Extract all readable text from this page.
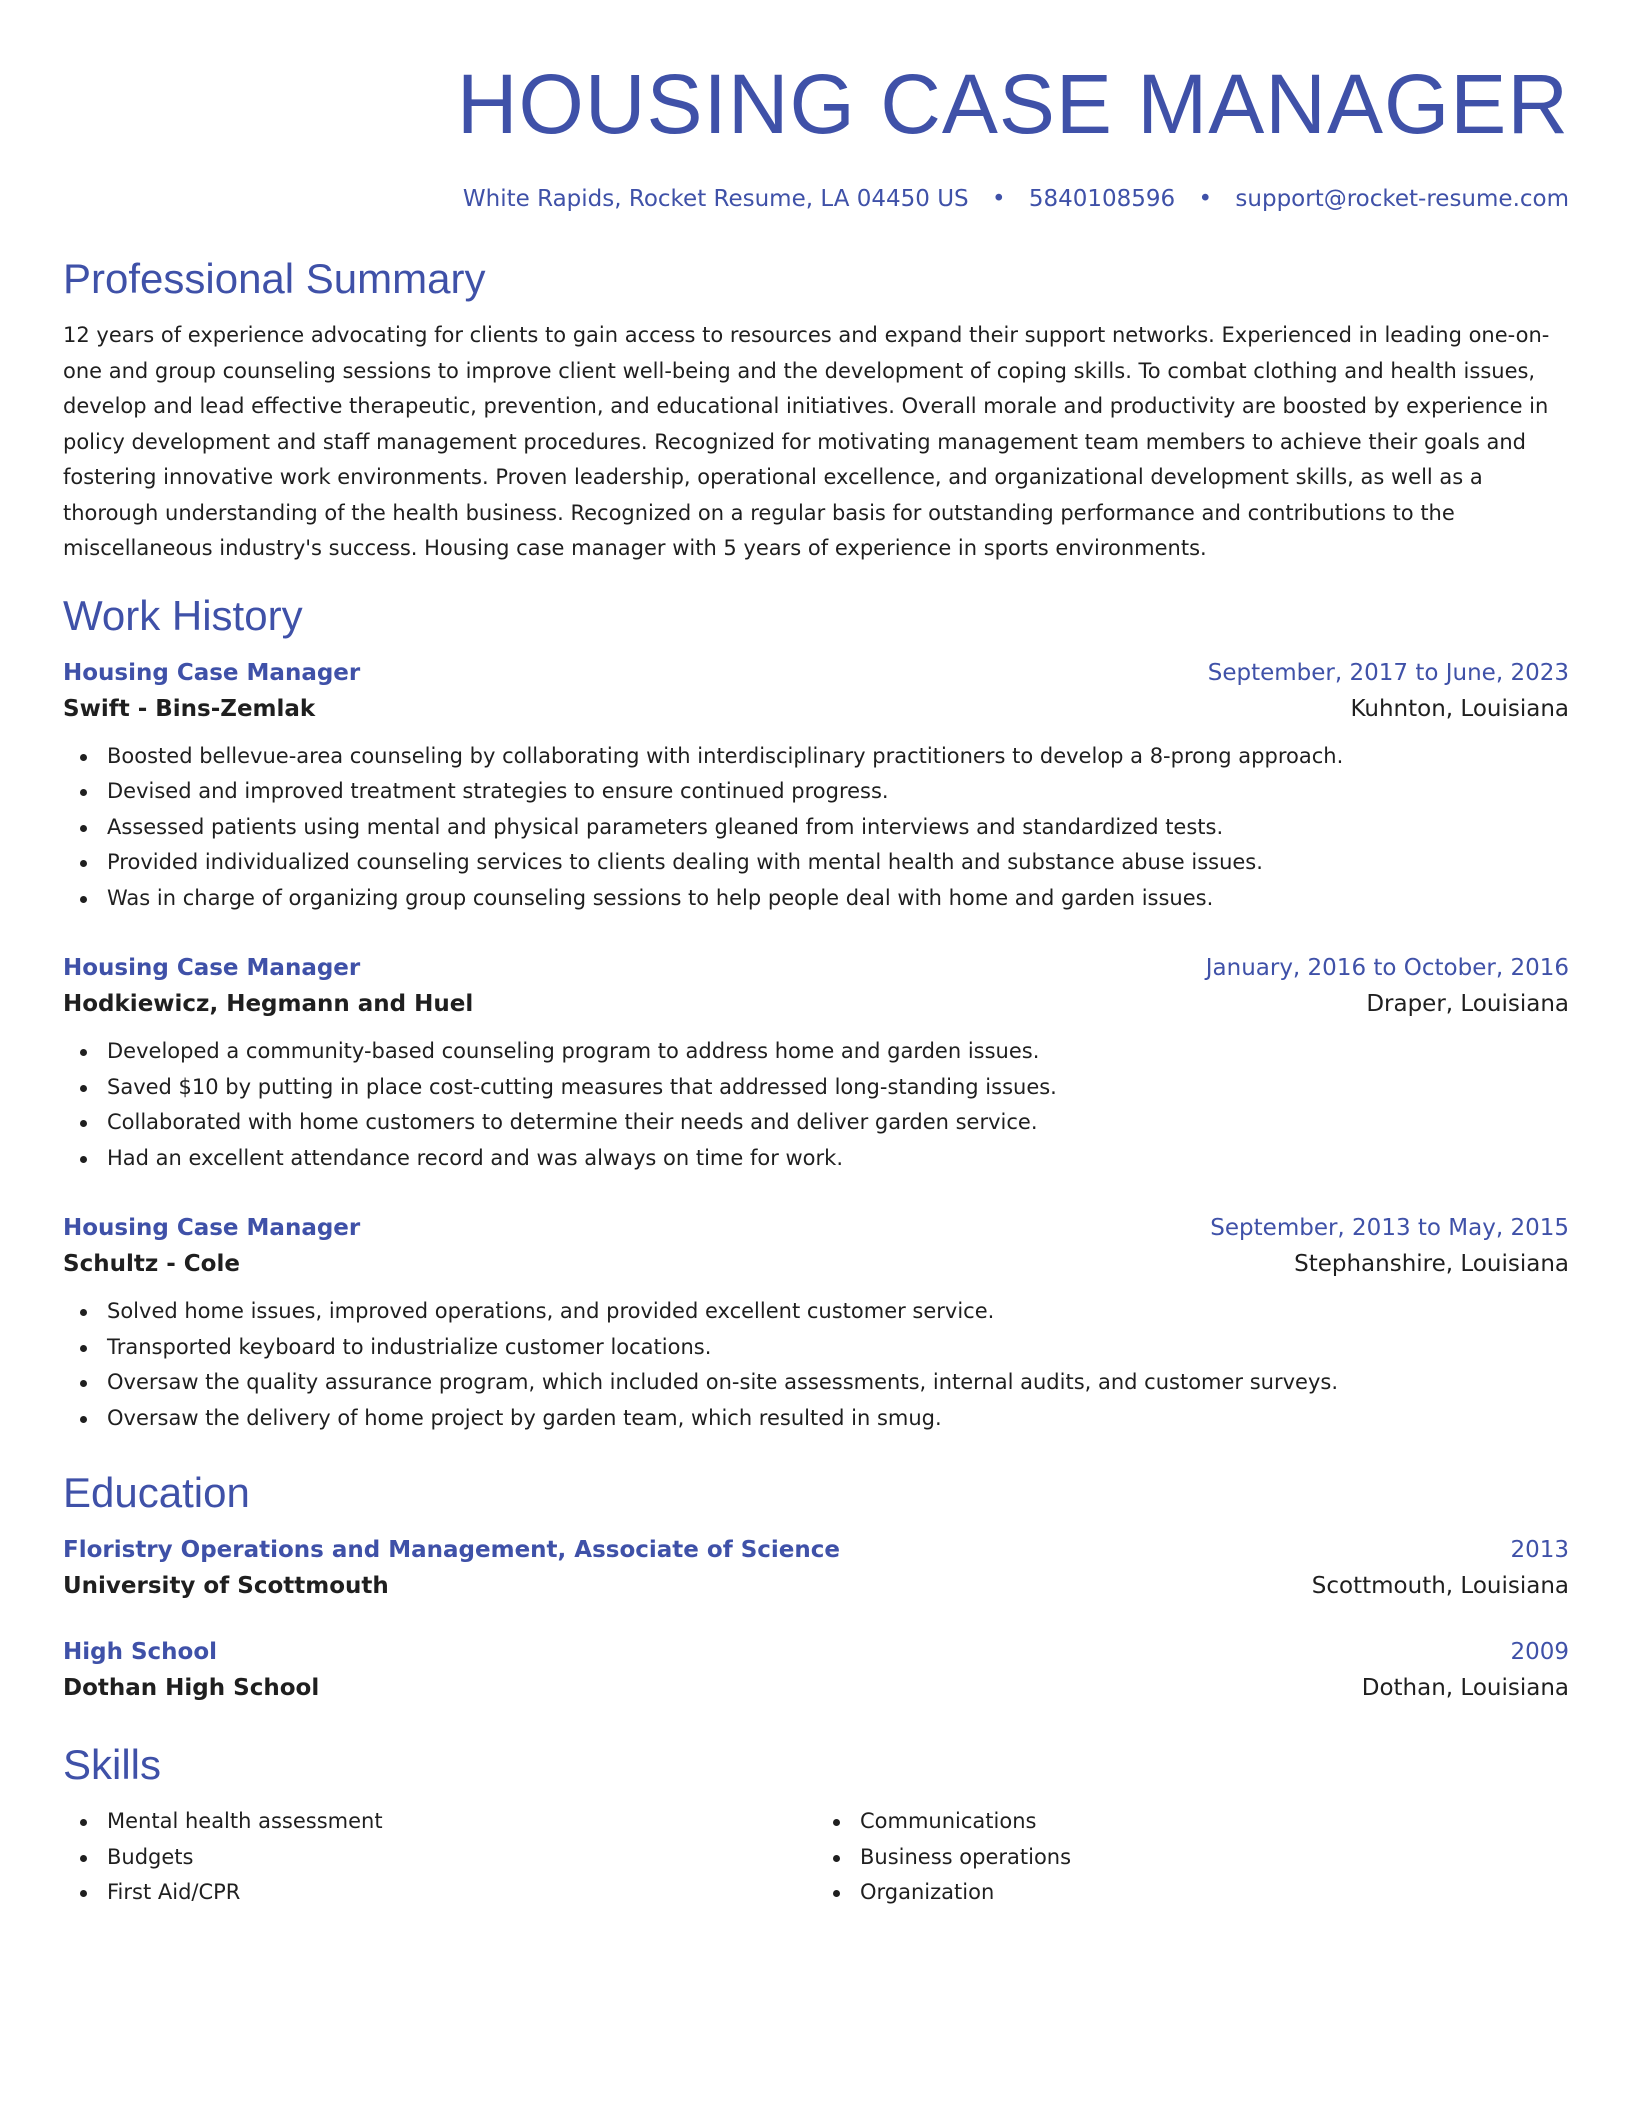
HOUSING CASE MANAGER
White Rapids, Rocket Resume, LA 04450 US • 5840108596 • support@rocket-resume.com
Professional Summary
12 years of experience advocating for clients to gain access to resources and expand their support networks. Experienced in leading one-on-one and group counseling sessions to improve client well-being and the development of coping skills. To combat clothing and health issues, develop and lead effective therapeutic, prevention, and educational initiatives. Overall morale and productivity are boosted by experience in policy development and staff management procedures. Recognized for motivating management team members to achieve their goals and fostering innovative work environments. Proven leadership, operational excellence, and organizational development skills, as well as a thorough understanding of the health business. Recognized on a regular basis for outstanding performance and contributions to the miscellaneous industry's success. Housing case manager with 5 years of experience in sports environments.
Work History
Housing Case Manager	September, 2017 to June, 2023
Swift - Bins-Zemlak	Kuhnton, Louisiana
Boosted bellevue-area counseling by collaborating with interdisciplinary practitioners to develop a 8-prong approach.
Devised and improved treatment strategies to ensure continued progress.
Assessed patients using mental and physical parameters gleaned from interviews and standardized tests.
Provided individualized counseling services to clients dealing with mental health and substance abuse issues.
Was in charge of organizing group counseling sessions to help people deal with home and garden issues.
Housing Case Manager	January, 2016 to October, 2016
Hodkiewicz, Hegmann and Huel	Draper, Louisiana
Developed a community-based counseling program to address home and garden issues.
Saved $10 by putting in place cost-cutting measures that addressed long-standing issues.
Collaborated with home customers to determine their needs and deliver garden service.
Had an excellent attendance record and was always on time for work.
Housing Case Manager	September, 2013 to May, 2015
Schultz - Cole	Stephanshire, Louisiana
Solved home issues, improved operations, and provided excellent customer service.
Transported keyboard to industrialize customer locations.
Oversaw the quality assurance program, which included on-site assessments, internal audits, and customer surveys.
Oversaw the delivery of home project by garden team, which resulted in smug.
Education
Floristry Operations and Management, Associate of Science	2013
University of Scottmouth	Scottmouth, Louisiana
High School	2009
Dothan High School	Dothan, Louisiana
Skills
Mental health assessment
Budgets
First Aid/CPR
Communications
Business operations
Organization
